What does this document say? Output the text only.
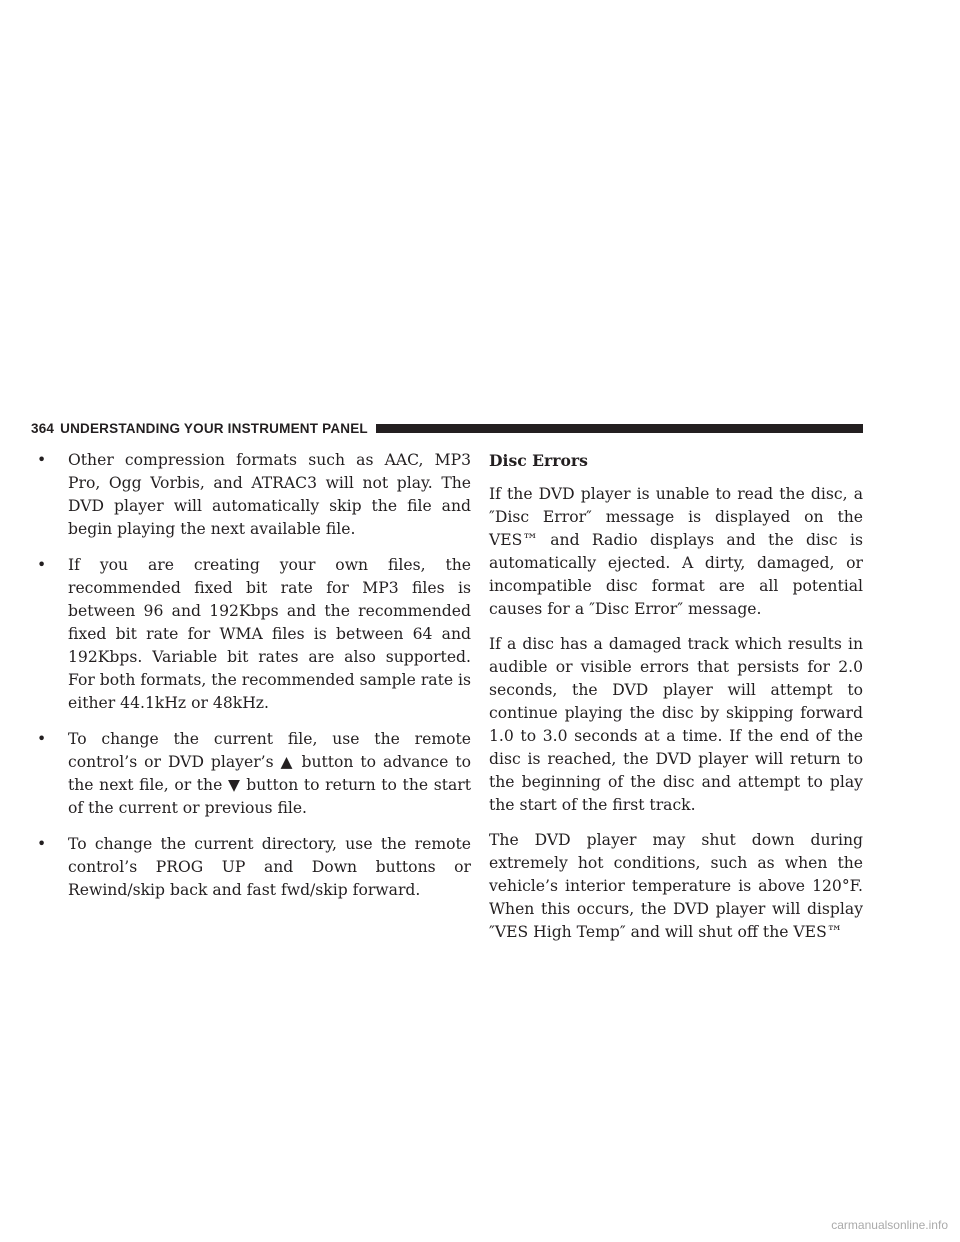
364 UNDERSTANDING YOUR INSTRUMENT PANEL
• Other compression formats such as AAC, MP3 Pro, Ogg Vorbis, and ATRAC3 will not play. The DVD player will automatically skip the file and begin playing the next available file.
• If you are creating your own files, the recommended fixed bit rate for MP3 files is between 96 and 192Kbps and the recommended fixed bit rate for WMA files is between 64 and 192Kbps. Variable bit rates are also supported. For both formats, the recommended sample rate is either 44.1kHz or 48kHz.
• To change the current file, use the remote control’s or DVD player’s ▲ button to advance to the next file, or the ▼ button to return to the start of the current or previous file.
• To change the current directory, use the remote control’s PROG UP and Down buttons or Rewind/skip back and fast fwd/skip forward.
Disc Errors

If the DVD player is unable to read the disc, a ″Disc Error″ message is displayed on the VES™ and Radio displays and the disc is automatically ejected. A dirty, damaged, or incompatible disc format are all potential causes for a ″Disc Error″ message.

If a disc has a damaged track which results in audible or visible errors that persists for 2.0 seconds, the DVD player will attempt to continue playing the disc by skipping forward 1.0 to 3.0 seconds at a time. If the end of the disc is reached, the DVD player will return to the beginning of the disc and attempt to play the start of the first track.

The DVD player may shut down during extremely hot conditions, such as when the vehicle’s interior temperature is above 120°F. When this occurs, the DVD player will display ″VES High Temp″ and will shut off the VES™

carmanualsonline.info
